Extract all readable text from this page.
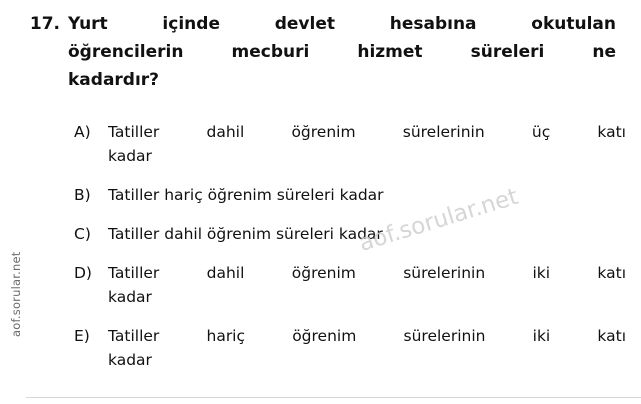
aof.sorular.net
17. Yurt içinde devlet hesabına okutulan
öğrencilerin mecburi hizmet süreleri ne
kadardır?
A)	Tatiller dahil öğrenim sürelerinin üç katı
kadar
B)	Tatiller hariç öğrenim süreleri kadar
C)	Tatiller dahil öğrenim süreleri kadar
D)	Tatiller dahil öğrenim sürelerinin iki katı
kadar
E)	Tatiller hariç öğrenim sürelerinin iki katı
kadar
aof.sorular.net
